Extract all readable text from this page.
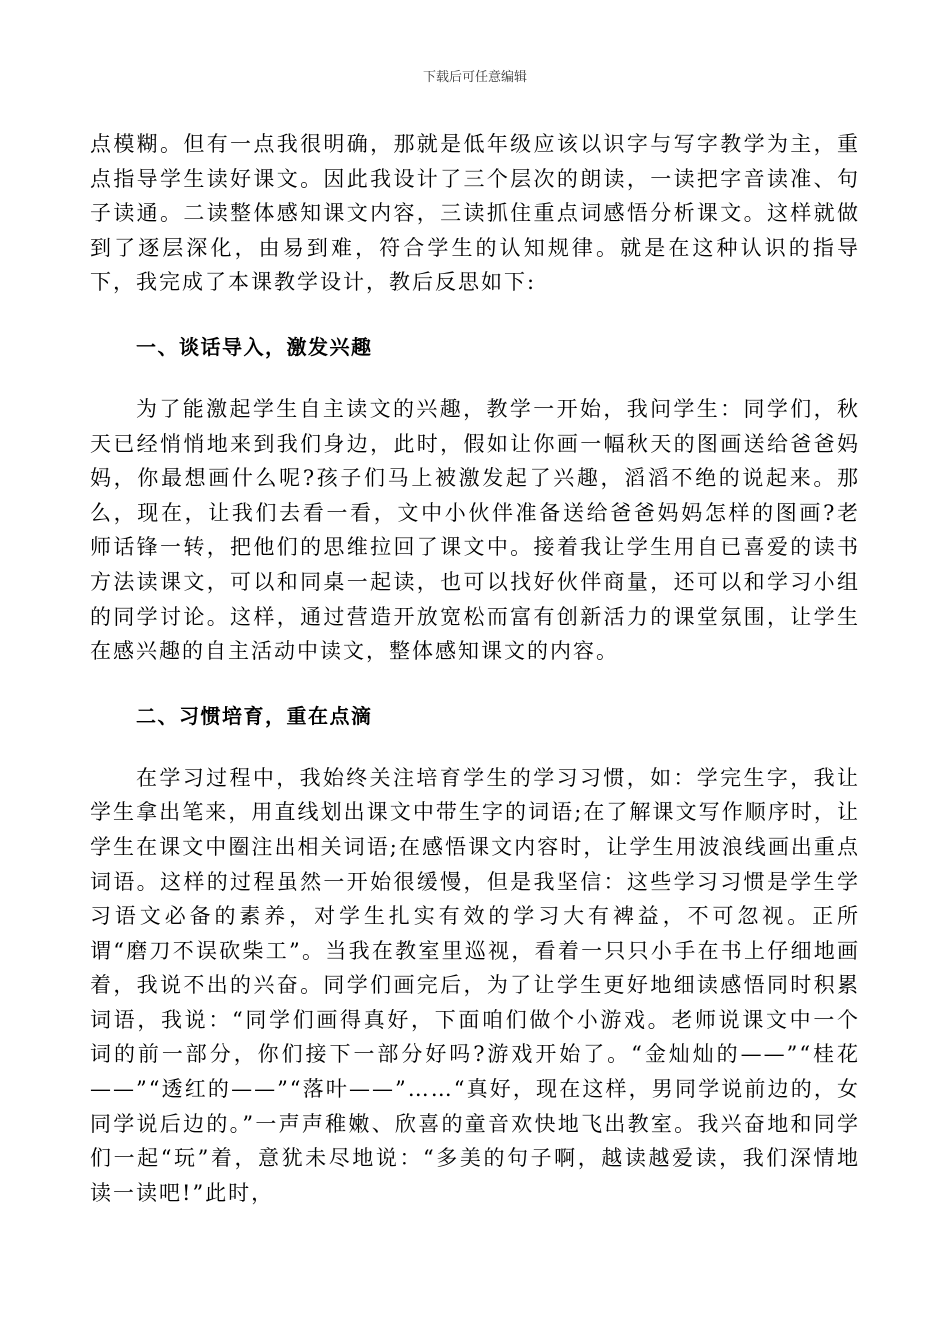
下载后可任意编辑

点模糊。但有一点我很明确，那就是低年级应该以识字与写字教学为主，重点指导学生读好课文。因此我设计了三个层次的朗读，一读把字音读准、句子读通。二读整体感知课文内容，三读抓住重点词感悟分析课文。这样就做到了逐层深化，由易到难，符合学生的认知规律。就是在这种认识的指导下，我完成了本课教学设计，教后反思如下:

一、谈话导入，激发兴趣

为了能激起学生自主读文的兴趣，教学一开始，我问学生：同学们，秋天已经悄悄地来到我们身边，此时，假如让你画一幅秋天的图画送给爸爸妈妈，你最想画什么呢?孩子们马上被激发起了兴趣，滔滔不绝的说起来。那么，现在，让我们去看一看，文中小伙伴准备送给爸爸妈妈怎样的图画?老师话锋一转，把他们的思维拉回了课文中。接着我让学生用自已喜爱的读书方法读课文，可以和同桌一起读，也可以找好伙伴商量，还可以和学习小组的同学讨论。这样，通过营造开放宽松而富有创新活力的课堂氛围，让学生在感兴趣的自主活动中读文，整体感知课文的内容。

二、习惯培育，重在点滴

在学习过程中，我始终关注培育学生的学习习惯，如：学完生字，我让学生拿出笔来，用直线划出课文中带生字的词语;在了解课文写作顺序时，让学生在课文中圈注出相关词语;在感悟课文内容时，让学生用波浪线画出重点词语。这样的过程虽然一开始很缓慢，但是我坚信：这些学习习惯是学生学习语文必备的素养，对学生扎实有效的学习大有裨益，不可忽视。正所谓“磨刀不误砍柴工”。当我在教室里巡视，看着一只只小手在书上仔细地画着，我说不出的兴奋。同学们画完后，为了让学生更好地细读感悟同时积累词语，我说：“同学们画得真好，下面咱们做个小游戏。老师说课文中一个词的前一部分，你们接下一部分好吗?游戏开始了。“金灿灿的——”“桂花——”“透红的——”“落叶——”……“真好，现在这样，男同学说前边的，女同学说后边的。”一声声稚嫩、欣喜的童音欢快地飞出教室。我兴奋地和同学们一起“玩”着，意犹未尽地说：“多美的句子啊，越读越爱读，我们深情地读一读吧!”此时，
